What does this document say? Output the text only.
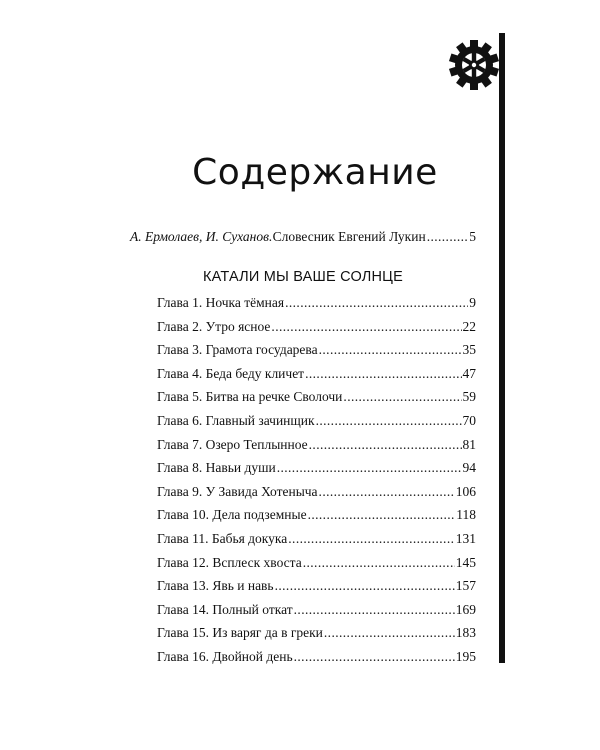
Содержание
А. Ермолаев, И. Суханов. Словесник Евгений Лукин .....	5
КАТАЛИ МЫ ВАШЕ СОЛНЦЕ
Глава 1. Ночка тёмная .....	9
Глава 2. Утро ясное .....	22
Глава 3. Грамота государева .....	35
Глава 4. Беда беду кличет .....	47
Глава 5. Битва на речке Сволочи .....	59
Глава 6. Главный зачинщик .....	70
Глава 7. Озеро Теплынное .....	81
Глава 8. Навьи души .....	94
Глава 9. У Завида Хотеныча .....	106
Глава 10. Дела подземные .....	118
Глава 11. Бабья докука .....	131
Глава 12. Всплеск хвоста .....	145
Глава 13. Явь и навь .....	157
Глава 14. Полный откат .....	169
Глава 15. Из варяг да в греки .....	183
Глава 16. Двойной день .....	195
